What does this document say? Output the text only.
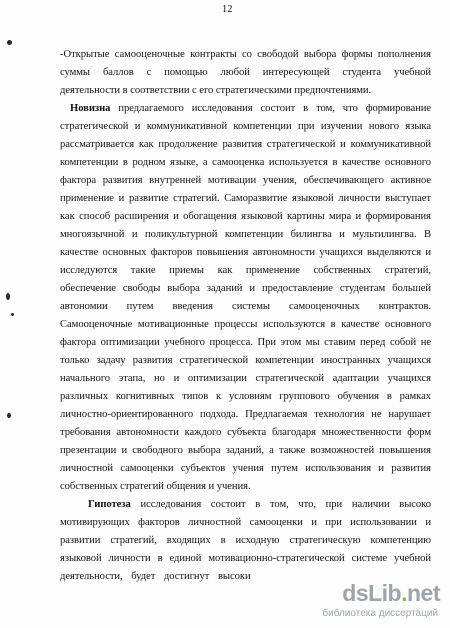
12
-Открытые самооценочные контракты со свободой выбора формы пополнения
суммы баллов с помощью любой интересующей студента учебной
деятельности в соответствии с его стратегическими предпочтениями.
Новизна предлагаемого исследования состоит в том, что формирование
стратегической и коммуникативной компетенции при изучении нового языка
рассматривается как продолжение развития стратегической и коммуникативной
компетенции в родном языке, а самооценка используется в качестве основного
фактора развития внутренней мотивации учения, обеспечивающего активное
применение и развитие стратегий. Саморазвитие языковой личности выступает
как способ расширения и обогащения языковой картины мира и формирования
многоязычной и поликультурной компетенции билингва и мультилингва. В
качестве основных факторов повышения автономности учащихся выделяются и
исследуются такие приемы как применение собственных стратегий,
обеспечение свободы выбора заданий и предоставление студентам большей
автономии путем введения системы самооценочных контрактов.
Самооценочные мотивационные процессы используются в качестве основного
фактора оптимизации учебного процесса. При этом мы ставим перед собой не
только задачу развития стратегической компетенции иностранных учащихся
начального этапа, но и оптимизации стратегической адаптации учащихся
различных когнитивных типов к условиям группового обучения в рамках
личностно-ориентированного подхода. Предлагаемая технология не нарушает
требования автономности каждого субъекта благодаря множественности форм
презентации и свободного выбора заданий, а также возможностей повышения
личностной самооценки субъектов учения путем использования и развития
собственных стратегий общения и учения.
Гипотеза исследования состоит в том, что, при наличии высоко
мотивирующих факторов личностной самооценки и при использовании и
развитии стратегий, входящих в исходную стратегическую компетенцию
языковой личности в единой мотивационно-стратегической системе учебной
деятельности, будет достигнут высоки
dsLib.net
библиотека диссертаций
